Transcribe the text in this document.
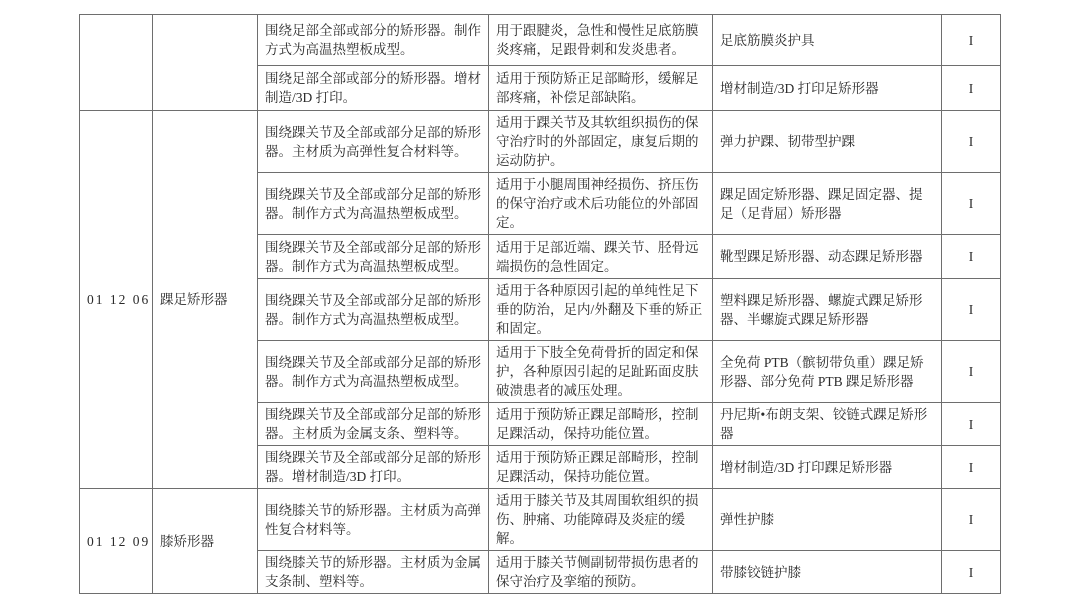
		围绕足部全部或部分的矫形器。制作方式为高温热塑板成型。	用于跟腱炎，急性和慢性足底筋膜炎疼痛，足跟骨刺和发炎患者。	足底筋膜炎护具	I
		围绕足部全部或部分的矫形器。增材制造/3D 打印。	适用于预防矫正足部畸形，缓解足部疼痛，补偿足部缺陷。	增材制造/3D 打印足矫形器	I
01 12 06	踝足矫形器	围绕踝关节及全部或部分足部的矫形器。主材质为高弹性复合材料等。	适用于踝关节及其软组织损伤的保守治疗时的外部固定，康复后期的运动防护。	弹力护踝、韧带型护踝	I
		围绕踝关节及全部或部分足部的矫形器。制作方式为高温热塑板成型。	适用于小腿周围神经损伤、挤压伤的保守治疗或术后功能位的外部固定。	踝足固定矫形器、踝足固定器、提足（足背屈）矫形器	I
		围绕踝关节及全部或部分足部的矫形器。制作方式为高温热塑板成型。	适用于足部近端、踝关节、胫骨远端损伤的急性固定。	靴型踝足矫形器、动态踝足矫形器	I
		围绕踝关节及全部或部分足部的矫形器。制作方式为高温热塑板成型。	适用于各种原因引起的单纯性足下垂的防治，足内/外翻及下垂的矫正和固定。	塑料踝足矫形器、螺旋式踝足矫形器、半螺旋式踝足矫形器	I
		围绕踝关节及全部或部分足部的矫形器。制作方式为高温热塑板成型。	适用于下肢全免荷骨折的固定和保护，各种原因引起的足趾跖面皮肤破溃患者的减压处理。	全免荷 PTB（髌韧带负重）踝足矫形器、部分免荷 PTB 踝足矫形器	I
		围绕踝关节及全部或部分足部的矫形器。主材质为金属支条、塑料等。	适用于预防矫正踝足部畸形，控制足踝活动，保持功能位置。	丹尼斯•布朗支架、铰链式踝足矫形器	I
		围绕踝关节及全部或部分足部的矫形器。增材制造/3D 打印。	适用于预防矫正踝足部畸形，控制足踝活动，保持功能位置。	增材制造/3D 打印踝足矫形器	I
01 12 09	膝矫形器	围绕膝关节的矫形器。主材质为高弹性复合材料等。	适用于膝关节及其周围软组织的损伤、肿痛、功能障碍及炎症的缓解。	弹性护膝	I
		围绕膝关节的矫形器。主材质为金属支条制、塑料等。	适用于膝关节侧副韧带损伤患者的保守治疗及挛缩的预防。	带膝铰链护膝	I
